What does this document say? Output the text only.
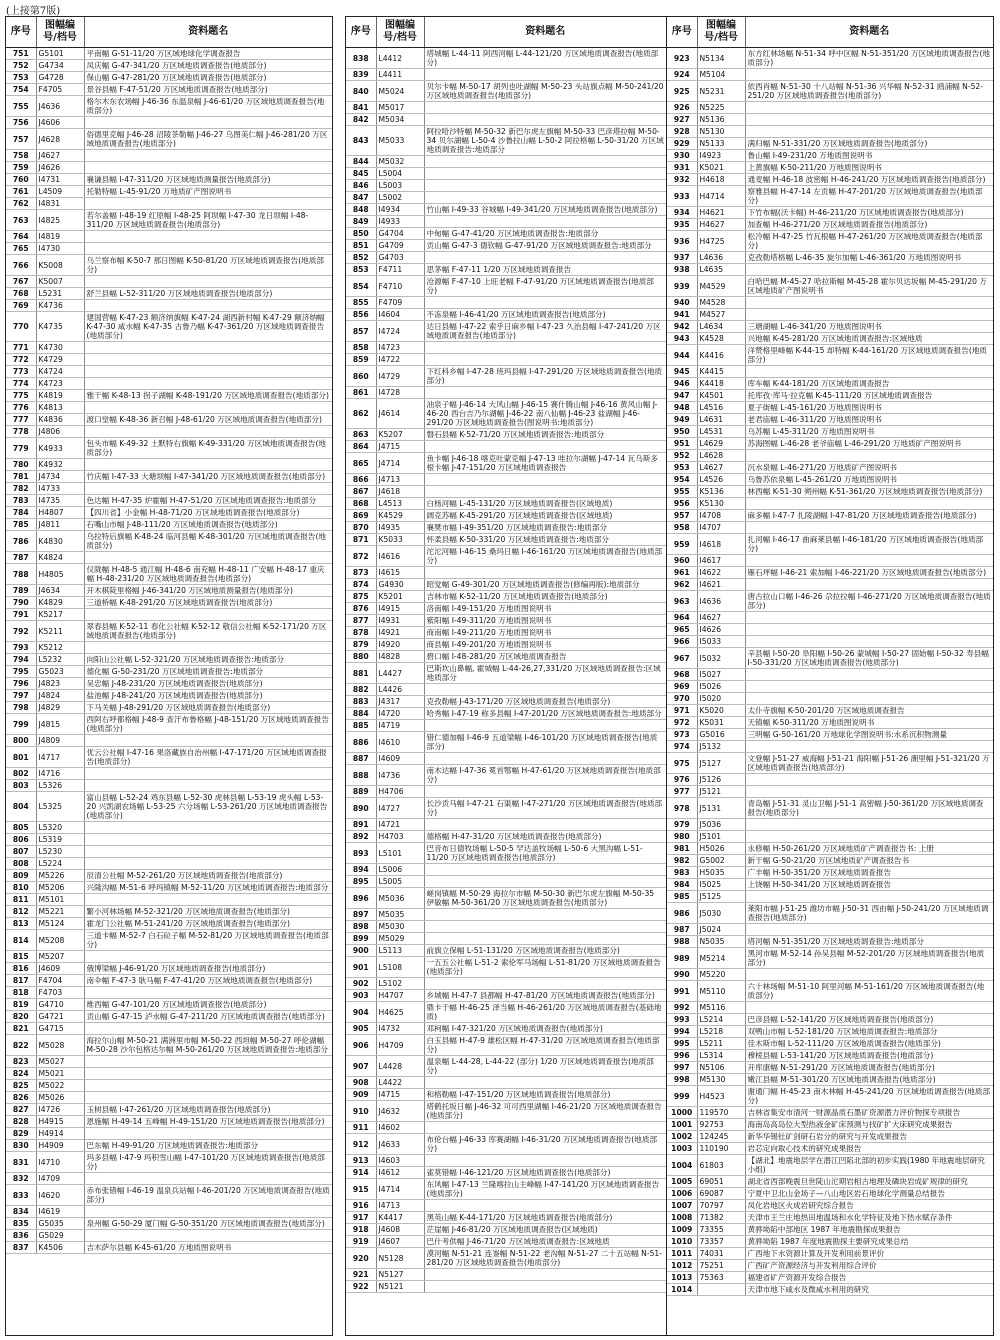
(上接第7版)
序号	图幅编号/档号	资料题名
751	G5101	平南幅 G-51-11/20 万区域地球化学调查报告
752	G4734	凤庆幅 G-47-341/20 万区域地质调查报告(地质部分)
753	G4728	保山幅 G-47-281/20 万区域地质调查报告(地质部分)
754	F4705	景谷县幅 F-47-51/20 万区域地质调查报告(地质部分)
755	J4636	格尔木东农场幅 J-46-36 东温泉幅 J-46-61/20 万区域地质调查报告(地质部分)
756	J4606	
757	J4628	俗德里克幅 J-46-28 沼陵茶勒幅 J-46-27 乌图美仁幅 J-46-281/20 万区域地质调查报告(地质部分)
758	J4627	
759	J4626	
760	I4731	襄谦县幅 I-47-311/20 万区域地质测量报告(地质部分)
761	L4509	托勒特幅 L-45-91/20 万地质矿产图说明书
762	I4831	
763	I4825	若尔盖幅 I-48-19 红原幅 I-48-25 阿坝幅 I-47-30 龙日坝幅 I-48-311/20 万区域地质调查报告(地质部分)
764	I4819	
765	I4730	
766	K5008	乌兰察布幅 K-50-7 那日图幅 K-50-81/20 万区域地质调查报告(地质部分)
767	K5007	
768	L5231	舒兰县幅 L-52-311/20 万区域地质调查报告(地质部分)
769	K4736	
770	K4735	建国营幅 K-47-23 额济纳旗幅 K-47-24 湖西新村幅 K-47-29 额济纳幅 K-47-30 咸水幅 K-47-35 古鲁乃幅 K-47-361/20 万区域地质调查报告(地质部分)
771	K4730	
772	K4729	
773	K4724	
774	K4723	
775	K4819	雅干幅 K-48-13 拐子湖幅 K-48-191/20 万区域地质调查报告(地质部分)
776	K4813	
777	K4836	渡口堂幅 K-48-36 新召幅 J-48-61/20 万区域地质调查报告(地质部分)
778	J4806	
779	K4933	包头市幅 K-49-32 土默特右旗幅 K-49-331/20 万区域地质调查报告(地质部分)
780	K4932	
781	J4734	竹庆幅 I-47-33 大塘坝幅 I-47-341/20 万区域地质调查报告(地质部分)
782	I4733	
783	I4735	色达幅 H-47-35 炉霍幅 H-47-51/20 万区域地质调查报告:地质部分
784	H4807	【四川省】小金幅 H-48-71/20 万区域地质调查报告(地质部分)
785	J4811	石嘴山市幅 J-48-111/20 万区域地质调查报告(地质部分)
786	K4830	乌拉特后旗幅 K-48-24 临河县幅 K-48-301/20 万区域地质调查报告(地质部分)
787	K4824	
788	H4805	仪陇幅 H-48-5 通江幅 H-48-6 南充幅 H-48-11 广安幅 H-48-17 重庆幅 H-48-231/20 万区域地质调查报告(地质部分)
789	J4634	开木棋陡里格幅 J-46-341/20 万区域地质测量报告(地质部分)
790	K4829	三道桥幅 K-48-291/20 万区域地质调查报告(地质部分)
791	K5217	
792	K5211	翠春县幅 K-52-11 春化公社幅 K-52-12 敬信公社幅 K-52-171/20 万区域地质调查报告(地质部分)
793	K5212	
794	L5232	向阳山公社幅 L-52-321/20 万区域地质调查报告:地质部分
795	G5023	德化幅 G-50-231/20 万区域地质调查报告:地质部分
796	J4823	吴忠幅 J-48-231/20 万区域地质调查报告(地质部分)
797	J4824	盐池幅 J-48-241/20 万区域地质调查报告(地质部分)
798	J4829	下马关幅 J-48-291/20 万区域地质调查报告(地质部分)
799	J4815	西阿右呼都格幅 J-48-9 查汗布鲁格幅 J-48-151/20 万区域地质调查报告(地质部分)
800	J4809	
801	I4717	优云公社幅 I-47-16 果洛藏族自治州幅 I-47-171/20 万区域地质调查报告(地质部分)
802	I4716	
803	L5326	
804	L5325	富山县幅 L-52-24 鸡东县幅 L-52-30 虎林县幅 L-53-19 虎头幅 L-53-20 兴凯湖农场幅 L-53-25 六分场幅 L-53-261/20 万区域地质调查报告(地质部分)
805	L5320	
806	L5319	
807	L5230	
808	L5224	
809	M5226	辰清公社幅 M-52-261/20 万区域地质调查报告(地质部分)
810	M5206	兴隆沟幅 M-51-6 呼玛镇幅 M-52-11/20 万区域地质调查报告:地质部分
811	M5101	
812	M5221	繁小河林场幅 M-52-321/20 万区域地质调查报告(地质部分)
813	M5124	霍龙门公社幅 M-51-241/20 万区域地质调查报告(地质部分)
814	M5208	三道卡幅 M-52-7 白石砬子幅 M-52-81/20 万区域地质调查报告(地质部分)
815	M5207	
816	J4609	俄博梁幅 J-46-91/20 万区域地质调查报告(地质部分)
817	F4704	南伞幅 F-47-3 耿马幅 F-47-41/20 万区域地质调查报告(地质部分)
818	F4703	
819	G4710	维西幅 G-47-101/20 万区域地质调查报告(地质部分)
820	G4721	贡山幅 G-47-15 泸水幅 G-47-211/20 万区域地质调查报告(地质部分)
821	G4715	
822	M5028	海拉尔山幅 M-50-21 满洲里市幅 M-50-22 西坦幅 M-50-27 呼伦湖幅 M-50-28 沙尔包格达尔幅 M-50-261/20 万区域地质调查报告:地质部分
823	M5027	
824	M5021	
825	M5022	
826	M5026	
827	I4726	玉树县幅 I-47-261/20 万区域地质调查报告(地质部分)
828	H4915	恩施幅 H-49-14 五峰幅 H-49-151/20 万区域地质调查报告(地质部分)
829	H4914	
830	H4909	巴东幅 H-49-91/20 万区域地质调查报告:地质部分
831	I4710	玛多县幅 I-47-9 玛积雪山幅 I-47-101/20 万区域地质调查报告(地质部分)
832	I4709	
833	I4620	赤布张错幅 I-46-19 温泉兵站幅 I-46-201/20 万区域地质调查报告(地质部分)
834	I4619	
835	G5035	泉州幅 G-50-29 厦门幅 G-50-351/20 万区域地质调查报告(地质部分)
836	G5029	
837	K4506	吉木萨尔县幅 K-45-61/20 万地质图说明书
序号	图幅编号/档号	资料题名
838	L4412	塔城幅 L-44-11 阿西河幅 L-44-121/20 万区域地质调查报告(地质部分)
839	L4411	
840	M5024	贝尔卡幅 M-50-17 胡列也吐湖幅 M-50-23 头站旗点幅 M-50-241/20 万区域地质调查报告(地质部分)
841	M5017	
842	M5034	
843	M5033	阿拉哈沙特幅 M-50-32 新巴尔虎左旗幅 M-50-33 巴彦塔拉幅 M-50-34 贝尔湖幅 L-50-4 沙鲁拉山幅 L-50-2 阿拉格幅 L-50-31/20 万区域地质调查报告:地质部分
844	M5032	
845	L5004	
846	L5003	
847	L5002	
848	I4934	竹山幅 I-49-33 谷城幅 I-49-341/20 万区域地质调查报告(地质部分)
849	I4933	
850	G4704	中甸幅 G-47-41/20 万区域地质调查报告:地质部分
851	G4709	贡山幅 G-47-3 德钦幅 G-47-91/20 万区域地质调查报告:地质部分
852	G4703	
853	F4711	思茅幅 F-47-11 1/20 万区域地质调查报告
854	F4710	沧源幅 F-47-10 上旺老幅 F-47-91/20 万区域地质调查报告(地质部分)
855	F4709	
856	I4604	不冻泉幅 I-46-41/20 万区域地质调查报告(地质部分)
857	I4724	达日县幅 I-47-22 索乎日麻乡幅 I-47-23 久治县幅 I-47-241/20 万区域地质调查报告(地质部分)
858	I4723	
859	I4722	
860	I4729	下红科乡幅 I-47-28 班玛县幅 I-47-291/20 万区域地质调查报告(地质部分)
861	I4728	
862	J4614	油泉子幅 J-46-14 大风山幅 J-46-15 赛什腾山幅 J-46-16 黄风山幅 J-46-20 西台吉乃尔湖幅 J-46-22 南八仙幅 J-46-23 盐湖幅 J-46-291/20 万区域地质调查报告(图说明书:地质部分)
863	K5207	磐石县幅 K-52-71/20 万区域地质调查报告:地质部分
864	J4715	
865	J4714	鱼卡幅 J-46-18 喀克吐蒙克幅 J-47-13 哇拉尔湖幅 J-47-14 瓦乌斯多根卡幅 J-47-151/20 万区域地质调查报告
866	J4713	
867	J4618	
868	L4513	白杨河幅 L-45-131/20 万区域地质调查报告(区域地质)
869	K4529	阔克苏幅 K-45-291/20 万区域地质调查报告(区域地质)
870	I4935	襄樊市幅 I-49-351/20 万区域地质调查报告:地质部分
871	K5033	怀柔县幅 K-50-331/20 万区域地质调查报告:地质部分
872	I4616	沱沱河幅 I-46-15 桑玛日幅 I-46-161/20 万区域地质调查报告(地质部分)
873	I4615	
874	G4930	昭觉幅 G-49-301/20 万区域地质调查报告(修编再版):地质部分
875	K5201	吉林市幅 K-52-11/20 万区域地质调查报告(地质部分)
876	I4915	洛南幅 I-49-151/20 万地质图说明书
877	I4931	紫阳幅 I-49-311/20 万地质图说明书
878	I4921	商南幅 I-49-211/20 万地质图说明书
879	I4920	商县幅 I-49-201/20 万地质图说明书
880	I4828	碧口幅 I-48-281/20 万区域地质调查报告
881	L4427	巴斯坎山鼻幅, 霍城幅 L-44-26,27,331/20 万区域地质调查报告:区域地质部分
882	L4426	
883	J4317	克孜勒幅 J-43-171/20 万区域地质调查报告(地质部分)
884	I4720	哈秀幅 I-47-19 称多县幅 I-47-201/20 万区域地质调查报告:地质部分
885	I4719	
886	I4610	错仁德加幅 I-46-9 五道梁幅 I-46-101/20 万区域地质调查报告(地质部分)
887	I4609	
888	I4736	南木达幅 I-47-36 冕首鄂幅 H-47-61/20 万区域地质调查报告(地质部分)
889	H4706	
890	I4727	长沙贡马幅 I-47-21 石渠幅 I-47-271/20 万区域地质调查报告(地质部分)
891	I4721	
892	H4703	德格幅 H-47-31/20 万区域地质调查报告(地质部分)
893	L5101	巴音布日德牧场幅 L-50-5 罕达盖牧场幅 L-50-6 大黑沟幅 L-51-11/20 万区域地质调查报告(地质部分)
894	L5006	
895	L5005	
896	M5036	嵯岗镇幅 M-50-29 海拉尔市幅 M-50-30 新巴尔虎左旗幅 M-50-35 伊敏幅 M-50-361/20 万区域地质调查报告(地质部分)
897	M5035	
898	M5030	
899	M5029	
900	L5113	前旗立保幅 L-51-131/20 万区域地质调查报告(地质部分)
901	L5108	一五五公社幅 L-51-2 索伦军马场幅 L-51-81/20 万区域地质调查报告(地质部分)
902	L5102	
903	H4707	乡城幅 H-47-7 县都幅 H-47-81/20 万区域地质调查报告(地质部分)
904	H4625	鼎卡于幅 H-46-25 泽当幅 H-46-261/20 万区域地质调查报告(基础地质)
905	I4732	邓柯幅 I-47-321/20 万区域地质调查报告(地质部分)
906	H4709	白玉县幅 H-47-9 雄松区幅 H-47-31/20 万区域地质调查报告(地质部分)
907	L4428	温泉幅 L-44-28, L-44-22 (部分) 1/20 万区域地质调查报告(地质部分)
908	L4422	
909	I4715	和格勒幅 I-47-151/20 万区域地质调查报告(地质部分)
910	J4632	塔鹤托坂日幅 J-46-32 可可西里湖幅 I-46-21/20 万区域地质调查报告(地质部分)
911	I4602	
912	J4633	布伦台幅 J-46-33 库赛湖幅 I-46-31/20 万区域地质调查报告(地质部分)
913	I4603	
914	I4612	雀莫错幅 I-46-121/20 万区域地质调查报告(地质部分)
915	I4714	东风幅 I-47-13 兰隆喀拉山主峰幅 I-47-141/20 万区域地质调查报告(地质部分)
916	I4713	
917	K4417	黑英山幅 K-44-171/20 万区域地质调查报告(地质部分)
918	J4608	茫崖幅 J-46-81/20 万区域地质调查报告(区域地质)
919	J4607	巴什考供幅 J-46-71/20 万区域地质调查报告:区域地质
920	N5128	漠河幅 N-51-21 连崟幅 N-51-22 老沟幅 N-51-27 二十五站幅 N-51-281/20 万区域地质调查报告(地质部分)
921	N5127	
922	N5121	
序号	图幅编号/档号	资料题名
923	N5134	东方红林场幅 N-51-34 呼中区幅 N-51-351/20 万区域地质调查报告(地质部分)
924	M5104	
925	N5231	依西肖幅 N-51-30 十八站幅 N-51-36 兴华幅 N-52-31 鸥浦幅 N-52-251/20 万区域地质调查报告(地质部分)
926	N5225	
927	N5136	
928	N5130	
929	N5133	满归幅 N-51-331/20 万区域地质调查报告(地质部分)
930	I4923	鲁山幅 I-49-231/20 万地质图说明书
931	K5021	上黄旗幅 K-50-211/20 万地质图说明书
932	H4618	通麦幅 H-46-18 波密幅 H-46-241/20 万区域地质调查报告(地质部分)
933	H4714	察雅县幅 H-47-14 左贡幅 H-47-201/20 万区域地质调查报告(地质部分)
934	H4621	下竹布幅(沃卡幅) H-46-211/20 万区域地质调查报告(地质部分)
935	H4627	加查幅 H-46-271/20 万区域地质调查报告(地质部分)
936	H4725	松冷幅 H-47-25 竹瓦根幅 H-47-261/20 万区域地质调查报告(地质部分)
937	L4636	克孜勒塔格幅 L-46-35 旋尔加幅 L-46-361/20 万地质图说明书
938	L4635	
939	M4529	白哈巴幅 M-45-27 哈拉斯幅 M-45-28 霍尔贝达坂幅 M-45-291/20 万区域地质矿产图说明书
940	M4528	
941	M4527	
942	L4634	三塘湖幅 L-46-341/20 万地质图说明书
943	K4528	兴地幅 K-45-281/20 万区域地质调查报告:区域地质
944	K4416	洋赞格里峰幅 K-44-15 却特幅 K-44-161/20 万区域地质调查报告(地质部分)
945	K4415	
946	K4418	库车幅 K-44-181/20 万区域地质调查报告
947	K4501	托库孜·库马·拉克幅 K-45-111/20 万区域地质调查报告
948	L4516	夏子街幅 L-45-161/20 万地质图说明书
949	L4631	老君庙幅 L-46-311/20 万地质图说明书
950	L4531	乌苏幅 L-45-311/20 万地质图说明书
951	L4629	苏海图幅 L-46-28 老爷庙幅 L-46-291/20 万地质矿产图说明书
952	L4628	
953	L4627	沉水泉幅 L-46-271/20 万地质矿产图说明书
954	L4526	乌鲁苏依泉幅 L-45-261/20 万地质图说明书
955	K5136	林西幅 K-51-30 朔州幅 K-51-361/20 万区域地质调查报告(地质部分)
956	K5130	
957	I4708	麻多幅 I-47-7 扎陵湖幅 I-47-81/20 万区域地质调查报告(地质部分)
958	I4707	
959	I4618	扎河幅 I-46-17 曲麻莱县幅 I-46-181/20 万区域地质调查报告(地质部分)
960	I4617	
961	I4622	雁石坪幅 I-46-21 索加幅 I-46-221/20 万区域地质调查报告(地质部分)
962	I4621	
963	I4636	唐古拉山口幅 I-46-26 尕拉拉幅 I-46-271/20 万区域地质调查报告(地质部分)
964	I4627	
965	I4626	
966	I5033	
967	I5032	辛县幅 I-50-20 阜阳幅 I-50-26 蒙城幅 I-50-27 固始幅 I-50-32 寿县幅 I-50-331/20 万区域地质调查报告(地质部分)
968	I5027	
969	I5026	
970	I5020	
971	K5020	太仆寺旗幅 K-50-201/20 万区域地质调查报告
972	K5031	天镇幅 K-50-311/20 万地质图说明书
973	G5016	三明幅 G-50-161/20 万地球化学图说明书:水系沉积物测量
974	J5132	
975	J5127	文登幅 J-51-27 威海幅 J-51-21 海阳幅 J-51-26 潮里幅 J-51-321/20 万区域地质调查报告(地质部分)
976	J5126	
977	J5121	
978	J5131	青岛幅 J-51-31 灵山卫幅 J-51-1 高密幅 J-50-361/20 万区域地质调查报告(地质部分)
979	J5036	
980	J5101	
981	H5026	永修幅 H-50-261/20 万区域地质矿产调查报告书: 上册
982	G5002	新干幅 G-50-21/20 万区域地质矿产调查报告书
983	H5035	广丰幅 H-50-351/20 万区域地质调查报告
984	I5025	上饶幅 H-50-341/20 万区域地质调查报告
985	J5125	
986	J5030	莱阳市幅 J-51-25 潍坊市幅 J-50-31 西由幅 J-50-241/20 万区域地质调查报告(地质部分)
987	J5024	
988	N5035	塔河幅 N-51-351/20 万区域地质调查报告:地质部分
989	M5214	黑河市幅 M-52-14 孙吴县幅 M-52-201/20 万区域地质调查报告(地质部分)
990	M5220	
991	M5110	六十林场幅 M-51-10 阿里河幅 M-51-161/20 万区域地质调查报告(地质部分)
992	M5116	
993	L5214	巴彦县幅 L-52-141/20 万区域地质调查报告(地质部分)
994	L5218	双鸭山市幅 L-52-181/20 万区域地质调查报告:地质部分
995	L5211	佳木斯市幅 L-52-111/20 万区域地质调查报告(地质部分)
996	L5314	穆棱县幅 L-53-141/20 万区域地质调查报告(地质部分)
997	N5106	开库康幅 N-51-291/20 万区域地质调查报告(地质部分)
998	M5130	嫩江县幅 M-51-301/20 万区域地质调查报告(地质部分)
999	H4523	谢通门幅 H-45-23 南木林幅 H-45-241/20 万区域地质调查报告(地质部分)
1000	119570	吉林省集安市清河一财源晶质石墨矿资源潜力评价物探专项报告
1001	92753	海南岛高岛位大型热液金矿床预测与找矿扩大床研究成果报告
1002	124245	新华华锡钍矿剑研石岩分的研究与开发成果报告
1003	110190	岩芯定向取心技术的研究成果报告
1004	61803	【湖北】地震地层学在潜江凹陷北部的初步实践(1980 年地震地层研究小组)
1005	69051	湖北省西部晚震旦世陡山沱期岩相古地理及磷块岩成矿规律的研究
1006	69087	宁夏中卫北山金场子—八山地区岩石地球化学测量总结报告
1007	70797	凤化岩地区火成岩研究综合报告
1008	71382	天津市王兰庄地热田地温场和水化学特征及地下热水赋存条件
1009	73355	黄骅坳陷中部地区 1987 年地震勘探成果报告
1010	73357	黄骅坳陷 1987 年度地震勘探主要研究成果总结
1011	74031	广西地下水资源计算及开发利用前景评价
1012	75251	广西矿产资源经济与开发利用综合评价
1013	75363	福建省矿产资源开发综合报告
1014		天津市地下咸水及微咸水利用的研究
